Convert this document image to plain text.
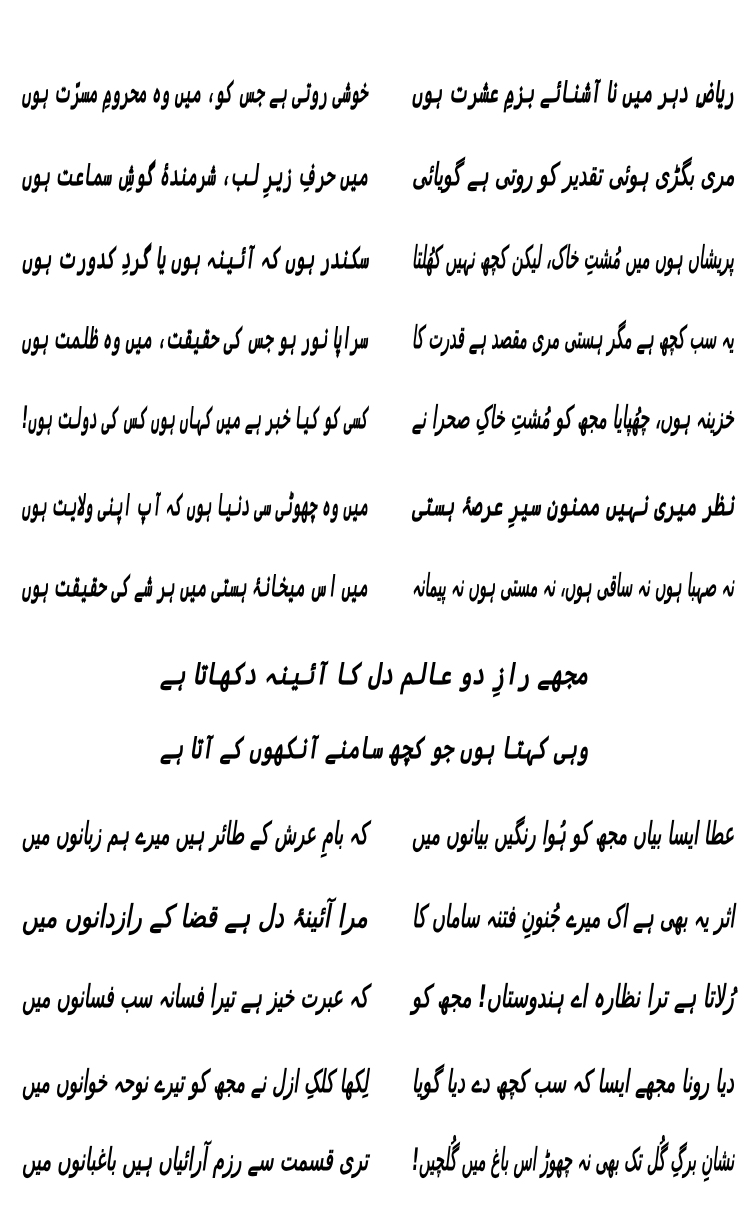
ریاضِ دہر میں نا آشنائے بزمِ عشرت ہوں
خوشی روتی ہے جس کو، میں وہ محرومِ مسرّت ہوں
مری بگڑی ہوئی تقدیر کو روتی ہے گویائی
میں حرفِ زیرِ لب، شرمندۂ گوشِ سماعت ہوں
پریشاں ہوں میں مُشتِ خاک، لیکن کچھ نہیں کھُلتا
سکندر ہوں کہ آئینہ ہوں یا گردِ کدورت ہوں
یہ سب کچھ ہے مگر ہستی مری مقصد ہے قدرت کا
سراپا نور ہو جس کی حقیقت، میں وہ ظلمت ہوں
خزینہ ہوں، چھُپایا مجھ کو مُشتِ خاکِ صحرا نے
کسی کو کیا خبر ہے میں کہاں ہوں کس کی دولت ہوں!
نظر میری نہیں ممنونِ سیرِ عرصۂ ہستی
میں وہ چھوٹی سی دنیا ہوں کہ آپ اپنی ولایت ہوں
نہ صہبا ہوں نہ ساقی ہوں، نہ مستی ہوں نہ پیمانہ
میں اس میخانۂ ہستی میں ہر شے کی حقیقت ہوں
مجھے رازِ دو عالم دل کا آئینہ دکھاتا ہے
وہی کہتا ہوں جو کچھ سامنے آنکھوں کے آتا ہے
عطا ایسا بیاں مجھ کو ہُوا رنگیں بیانوں میں
کہ بامِ عرش کے طائر ہیں میرے ہم زبانوں میں
اثر یہ بھی ہے اک میرے جُنونِ فتنہ ساماں کا
مرا آئینۂ دل ہے قضا کے رازدانوں میں
رُلاتا ہے ترا نظارہ اے ہندوستاں! مجھ کو
کہ عبرت خیز ہے تیرا فسانہ سب فسانوں میں
دیا رونا مجھے ایسا کہ سب کچھ دے دیا گویا
لِکھا کلکِ ازل نے مجھ کو تیرے نوحہ خوانوں میں
نشانِ برگِ گُل تک بھی نہ چھوڑ اس باغ میں گُلچیں!
تری قسمت سے رزم آرائیاں ہیں باغبانوں میں
